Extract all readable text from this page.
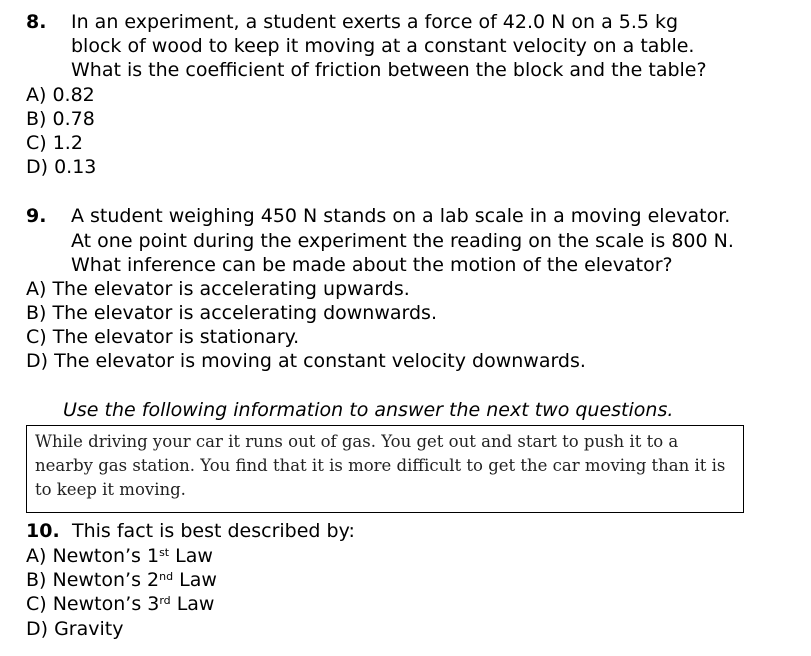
8. In an experiment, a student exerts a force of 42.0 N on a 5.5 kg
block of wood to keep it moving at a constant velocity on a table.
What is the coefficient of friction between the block and the table?
A) 0.82
B) 0.78
C) 1.2
D) 0.13
9. A student weighing 450 N stands on a lab scale in a moving elevator.
At one point during the experiment the reading on the scale is 800 N.
What inference can be made about the motion of the elevator?
A) The elevator is accelerating upwards.
B) The elevator is accelerating downwards.
C) The elevator is stationary.
D) The elevator is moving at constant velocity downwards.
Use the following information to answer the next two questions.
While driving your car it runs out of gas. You get out and start to push it to a nearby gas station. You find that it is more difficult to get the car moving than it is to keep it moving.
10. This fact is best described by:
A) Newton’s 1st Law
B) Newton’s 2nd Law
C) Newton’s 3rd Law
D) Gravity
